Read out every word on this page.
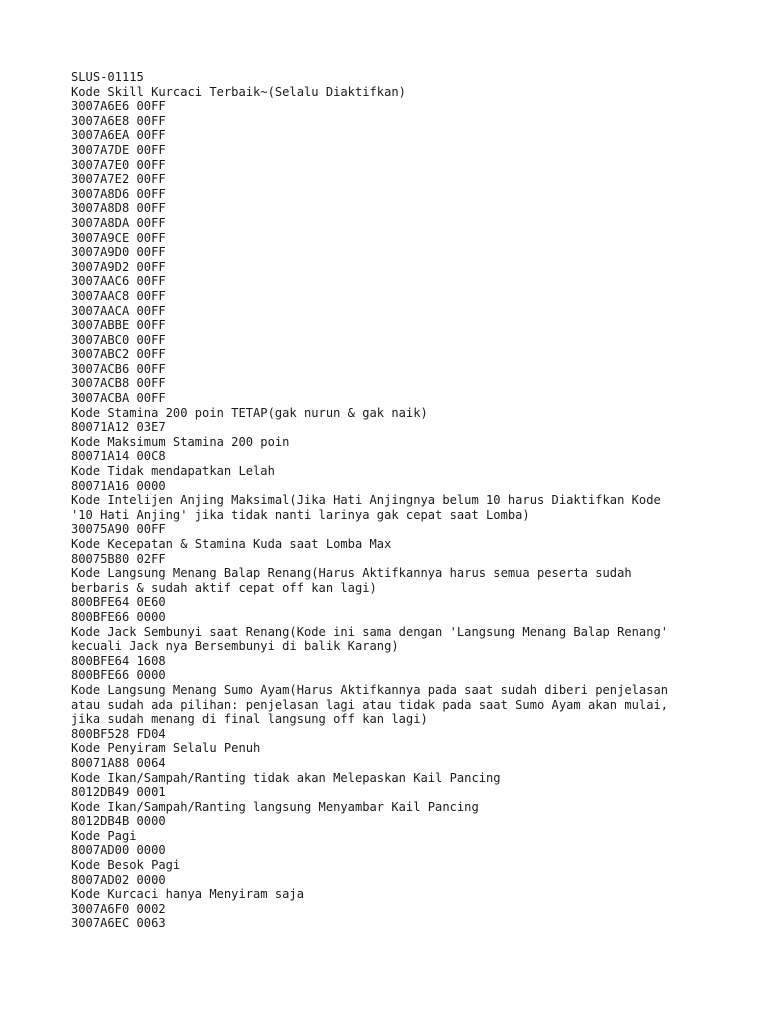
SLUS-01115
Kode Skill Kurcaci Terbaik~(Selalu Diaktifkan)
3007A6E6 00FF
3007A6E8 00FF
3007A6EA 00FF
3007A7DE 00FF
3007A7E0 00FF
3007A7E2 00FF
3007A8D6 00FF
3007A8D8 00FF
3007A8DA 00FF
3007A9CE 00FF
3007A9D0 00FF
3007A9D2 00FF
3007AAC6 00FF
3007AAC8 00FF
3007AACA 00FF
3007ABBE 00FF
3007ABC0 00FF
3007ABC2 00FF
3007ACB6 00FF
3007ACB8 00FF
3007ACBA 00FF
Kode Stamina 200 poin TETAP(gak nurun & gak naik)
80071A12 03E7
Kode Maksimum Stamina 200 poin
80071A14 00C8
Kode Tidak mendapatkan Lelah
80071A16 0000
Kode Intelijen Anjing Maksimal(Jika Hati Anjingnya belum 10 harus Diaktifkan Kode
'10 Hati Anjing' jika tidak nanti larinya gak cepat saat Lomba)
30075A90 00FF
Kode Kecepatan & Stamina Kuda saat Lomba Max
80075B80 02FF
Kode Langsung Menang Balap Renang(Harus Aktifkannya harus semua peserta sudah
berbaris & sudah aktif cepat off kan lagi)
800BFE64 0E60
800BFE66 0000
Kode Jack Sembunyi saat Renang(Kode ini sama dengan 'Langsung Menang Balap Renang'
kecuali Jack nya Bersembunyi di balik Karang)
800BFE64 1608
800BFE66 0000
Kode Langsung Menang Sumo Ayam(Harus Aktifkannya pada saat sudah diberi penjelasan
atau sudah ada pilihan: penjelasan lagi atau tidak pada saat Sumo Ayam akan mulai,
jika sudah menang di final langsung off kan lagi)
800BF528 FD04
Kode Penyiram Selalu Penuh
80071A88 0064
Kode Ikan/Sampah/Ranting tidak akan Melepaskan Kail Pancing
8012DB49 0001
Kode Ikan/Sampah/Ranting langsung Menyambar Kail Pancing
8012DB4B 0000
Kode Pagi
8007AD00 0000
Kode Besok Pagi
8007AD02 0000
Kode Kurcaci hanya Menyiram saja
3007A6F0 0002
3007A6EC 0063
